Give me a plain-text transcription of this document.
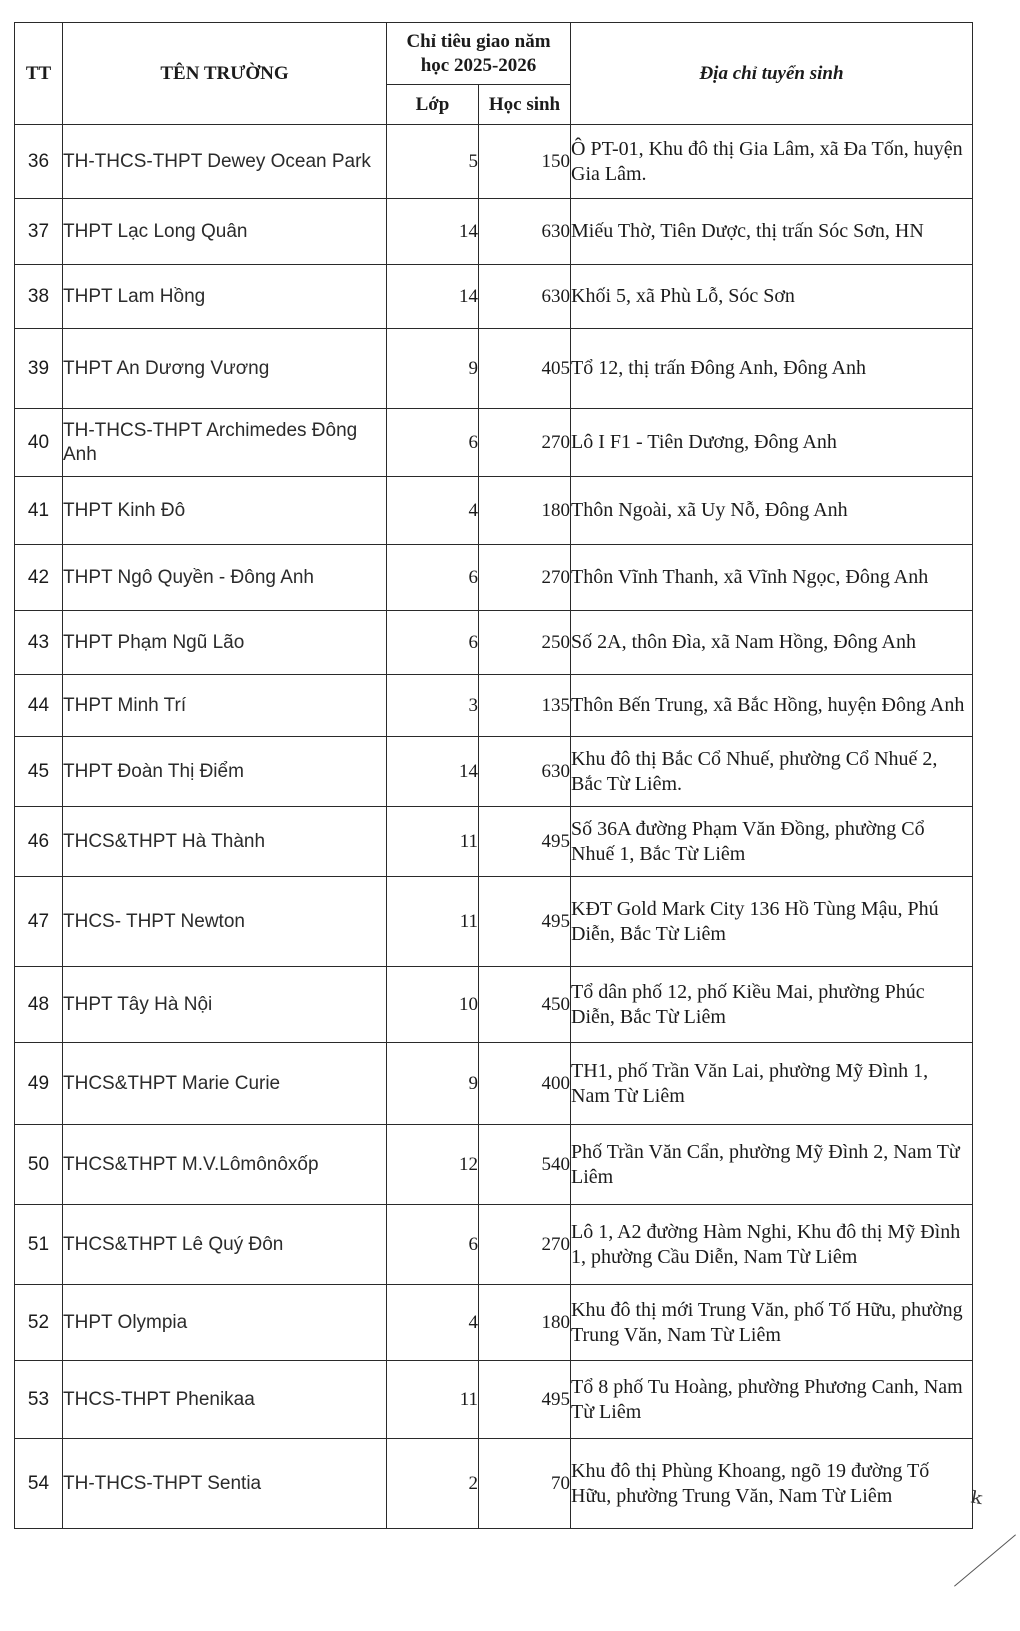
TT	TÊN TRƯỜNG	Chỉ tiêu giao năm học 2025-2026		Địa chỉ tuyển sinh
		Lớp	Học sinh	
36	TH-THCS-THPT Dewey Ocean Park	5	150	Ô PT-01, Khu đô thị Gia Lâm, xã Đa Tốn, huyện Gia Lâm.
37	THPT Lạc Long Quân	14	630	Miếu Thờ, Tiên Dược, thị trấn Sóc Sơn, HN
38	THPT Lam Hồng	14	630	Khối 5, xã Phù Lỗ, Sóc Sơn
39	THPT An Dương Vương	9	405	Tổ 12, thị trấn Đông Anh, Đông Anh
40	TH-THCS-THPT Archimedes Đông Anh	6	270	Lô I F1 - Tiên Dương, Đông Anh
41	THPT Kinh Đô	4	180	Thôn Ngoài, xã Uy Nỗ, Đông Anh
42	THPT Ngô Quyền - Đông Anh	6	270	Thôn Vĩnh Thanh, xã Vĩnh Ngọc, Đông Anh
43	THPT Phạm Ngũ Lão	6	250	Số 2A, thôn Đìa, xã Nam Hồng, Đông Anh
44	THPT Minh Trí	3	135	Thôn Bến Trung, xã Bắc Hồng, huyện Đông Anh
45	THPT Đoàn Thị Điểm	14	630	Khu đô thị Bắc Cổ Nhuế, phường Cổ Nhuế 2, Bắc Từ Liêm.
46	THCS&THPT Hà Thành	11	495	Số 36A đường Phạm Văn Đồng, phường Cổ Nhuế 1, Bắc Từ Liêm
47	THCS- THPT Newton	11	495	KĐT Gold Mark City 136 Hồ Tùng Mậu, Phú Diễn, Bắc Từ Liêm
48	THPT Tây Hà Nội	10	450	Tổ dân phố 12, phố Kiều Mai, phường Phúc Diễn, Bắc Từ Liêm
49	THCS&THPT Marie Curie	9	400	TH1, phố Trần Văn Lai, phường Mỹ Đình 1, Nam Từ Liêm
50	THCS&THPT M.V.Lômônôxốp	12	540	Phố Trần Văn Cẩn, phường Mỹ Đình 2, Nam Từ Liêm
51	THCS&THPT Lê Quý Đôn	6	270	Lô 1, A2 đường Hàm Nghi, Khu đô thị Mỹ Đình 1, phường Cầu Diễn, Nam Từ Liêm
52	THPT Olympia	4	180	Khu đô thị mới Trung Văn, phố Tố Hữu, phường Trung Văn, Nam Từ Liêm
53	THCS-THPT Phenikaa	11	495	Tổ 8 phố Tu Hoàng, phường Phương Canh, Nam Từ Liêm
54	TH-THCS-THPT Sentia	2	70	Khu đô thị Phùng Khoang, ngõ 19 đường Tố Hữu, phường Trung Văn, Nam Từ Liêm ᵏ
